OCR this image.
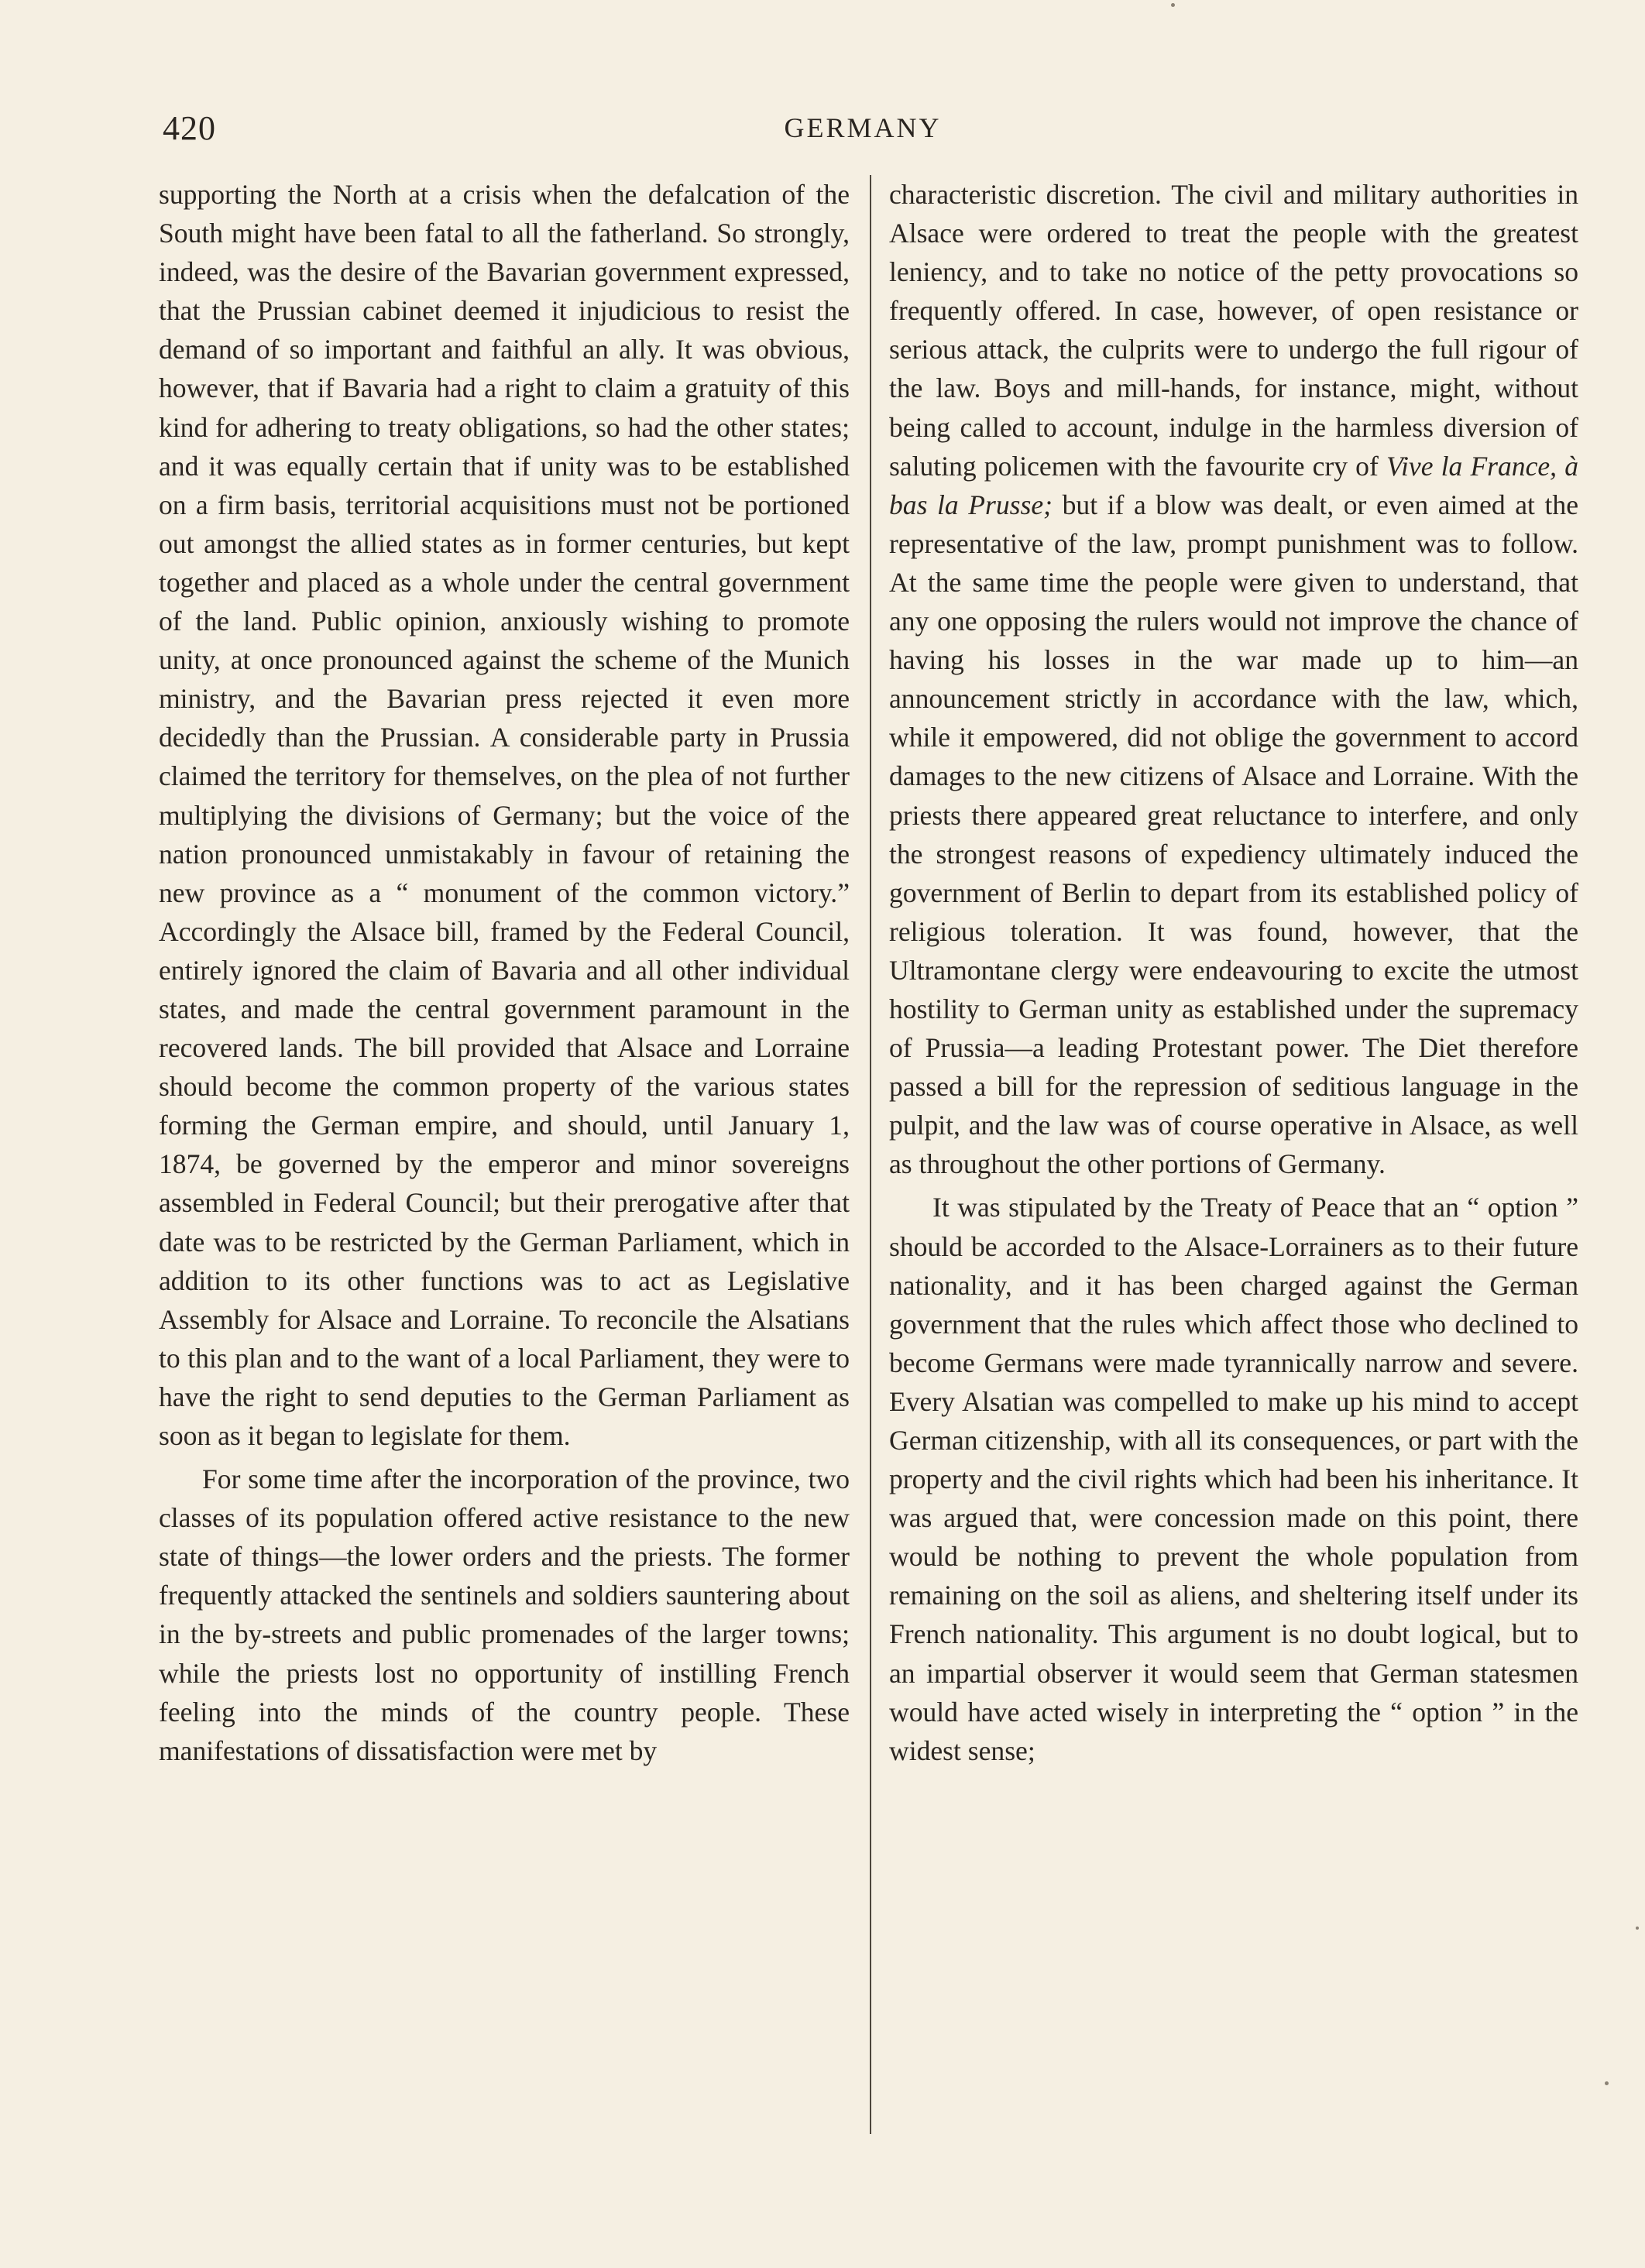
420	GERMANY

supporting the North at a crisis when the defalcation of the South might have been fatal to all the fatherland. So strongly, indeed, was the desire of the Bavarian government expressed, that the Prussian cabinet deemed it injudicious to resist the demand of so important and faithful an ally. It was obvious, however, that if Bavaria had a right to claim a gratuity of this kind for adhering to treaty obligations, so had the other states; and it was equally certain that if unity was to be established on a firm basis, territorial acquisitions must not be portioned out amongst the allied states as in former centuries, but kept together and placed as a whole under the central government of the land. Public opinion, anxiously wishing to promote unity, at once pronounced against the scheme of the Munich ministry, and the Bavarian press rejected it even more decidedly than the Prussian. A considerable party in Prussia claimed the territory for themselves, on the plea of not further multiplying the divisions of Germany; but the voice of the nation pronounced unmistakably in favour of retaining the new province as a “ monument of the common victory.” Accordingly the Alsace bill, framed by the Federal Council, entirely ignored the claim of Bavaria and all other individual states, and made the central government paramount in the recovered lands. The bill provided that Alsace and Lorraine should become the common property of the various states forming the German empire, and should, until January 1, 1874, be governed by the emperor and minor sovereigns assembled in Federal Council; but their prerogative after that date was to be restricted by the German Parliament, which in addition to its other functions was to act as Legislative Assembly for Alsace and Lorraine. To reconcile the Alsatians to this plan and to the want of a local Parliament, they were to have the right to send deputies to the German Parliament as soon as it began to legislate for them.

For some time after the incorporation of the province, two classes of its population offered active resistance to the new state of things—the lower orders and the priests. The former frequently attacked the sentinels and soldiers sauntering about in the by-streets and public promenades of the larger towns; while the priests lost no opportunity of instilling French feeling into the minds of the country people. These manifestations of dissatisfaction were met by

characteristic discretion. The civil and military authorities in Alsace were ordered to treat the people with the greatest leniency, and to take no notice of the petty provocations so frequently offered. In case, however, of open resistance or serious attack, the culprits were to undergo the full rigour of the law. Boys and mill-hands, for instance, might, without being called to account, indulge in the harmless diversion of saluting policemen with the favourite cry of Vive la France, à bas la Prusse; but if a blow was dealt, or even aimed at the representative of the law, prompt punishment was to follow. At the same time the people were given to understand, that any one opposing the rulers would not improve the chance of having his losses in the war made up to him—an announcement strictly in accordance with the law, which, while it empowered, did not oblige the government to accord damages to the new citizens of Alsace and Lorraine. With the priests there appeared great reluctance to interfere, and only the strongest reasons of expediency ultimately induced the government of Berlin to depart from its established policy of religious toleration. It was found, however, that the Ultramontane clergy were endeavouring to excite the utmost hostility to German unity as established under the supremacy of Prussia—a leading Protestant power. The Diet therefore passed a bill for the repression of seditious language in the pulpit, and the law was of course operative in Alsace, as well as throughout the other portions of Germany.

It was stipulated by the Treaty of Peace that an “ option ” should be accorded to the Alsace-Lorrainers as to their future nationality, and it has been charged against the German government that the rules which affect those who declined to become Germans were made tyrannically narrow and severe. Every Alsatian was compelled to make up his mind to accept German citizenship, with all its consequences, or part with the property and the civil rights which had been his inheritance. It was argued that, were concession made on this point, there would be nothing to prevent the whole population from remaining on the soil as aliens, and sheltering itself under its French nationality. This argument is no doubt logical, but to an impartial observer it would seem that German statesmen would have acted wisely in interpreting the “ option ” in the widest sense;
